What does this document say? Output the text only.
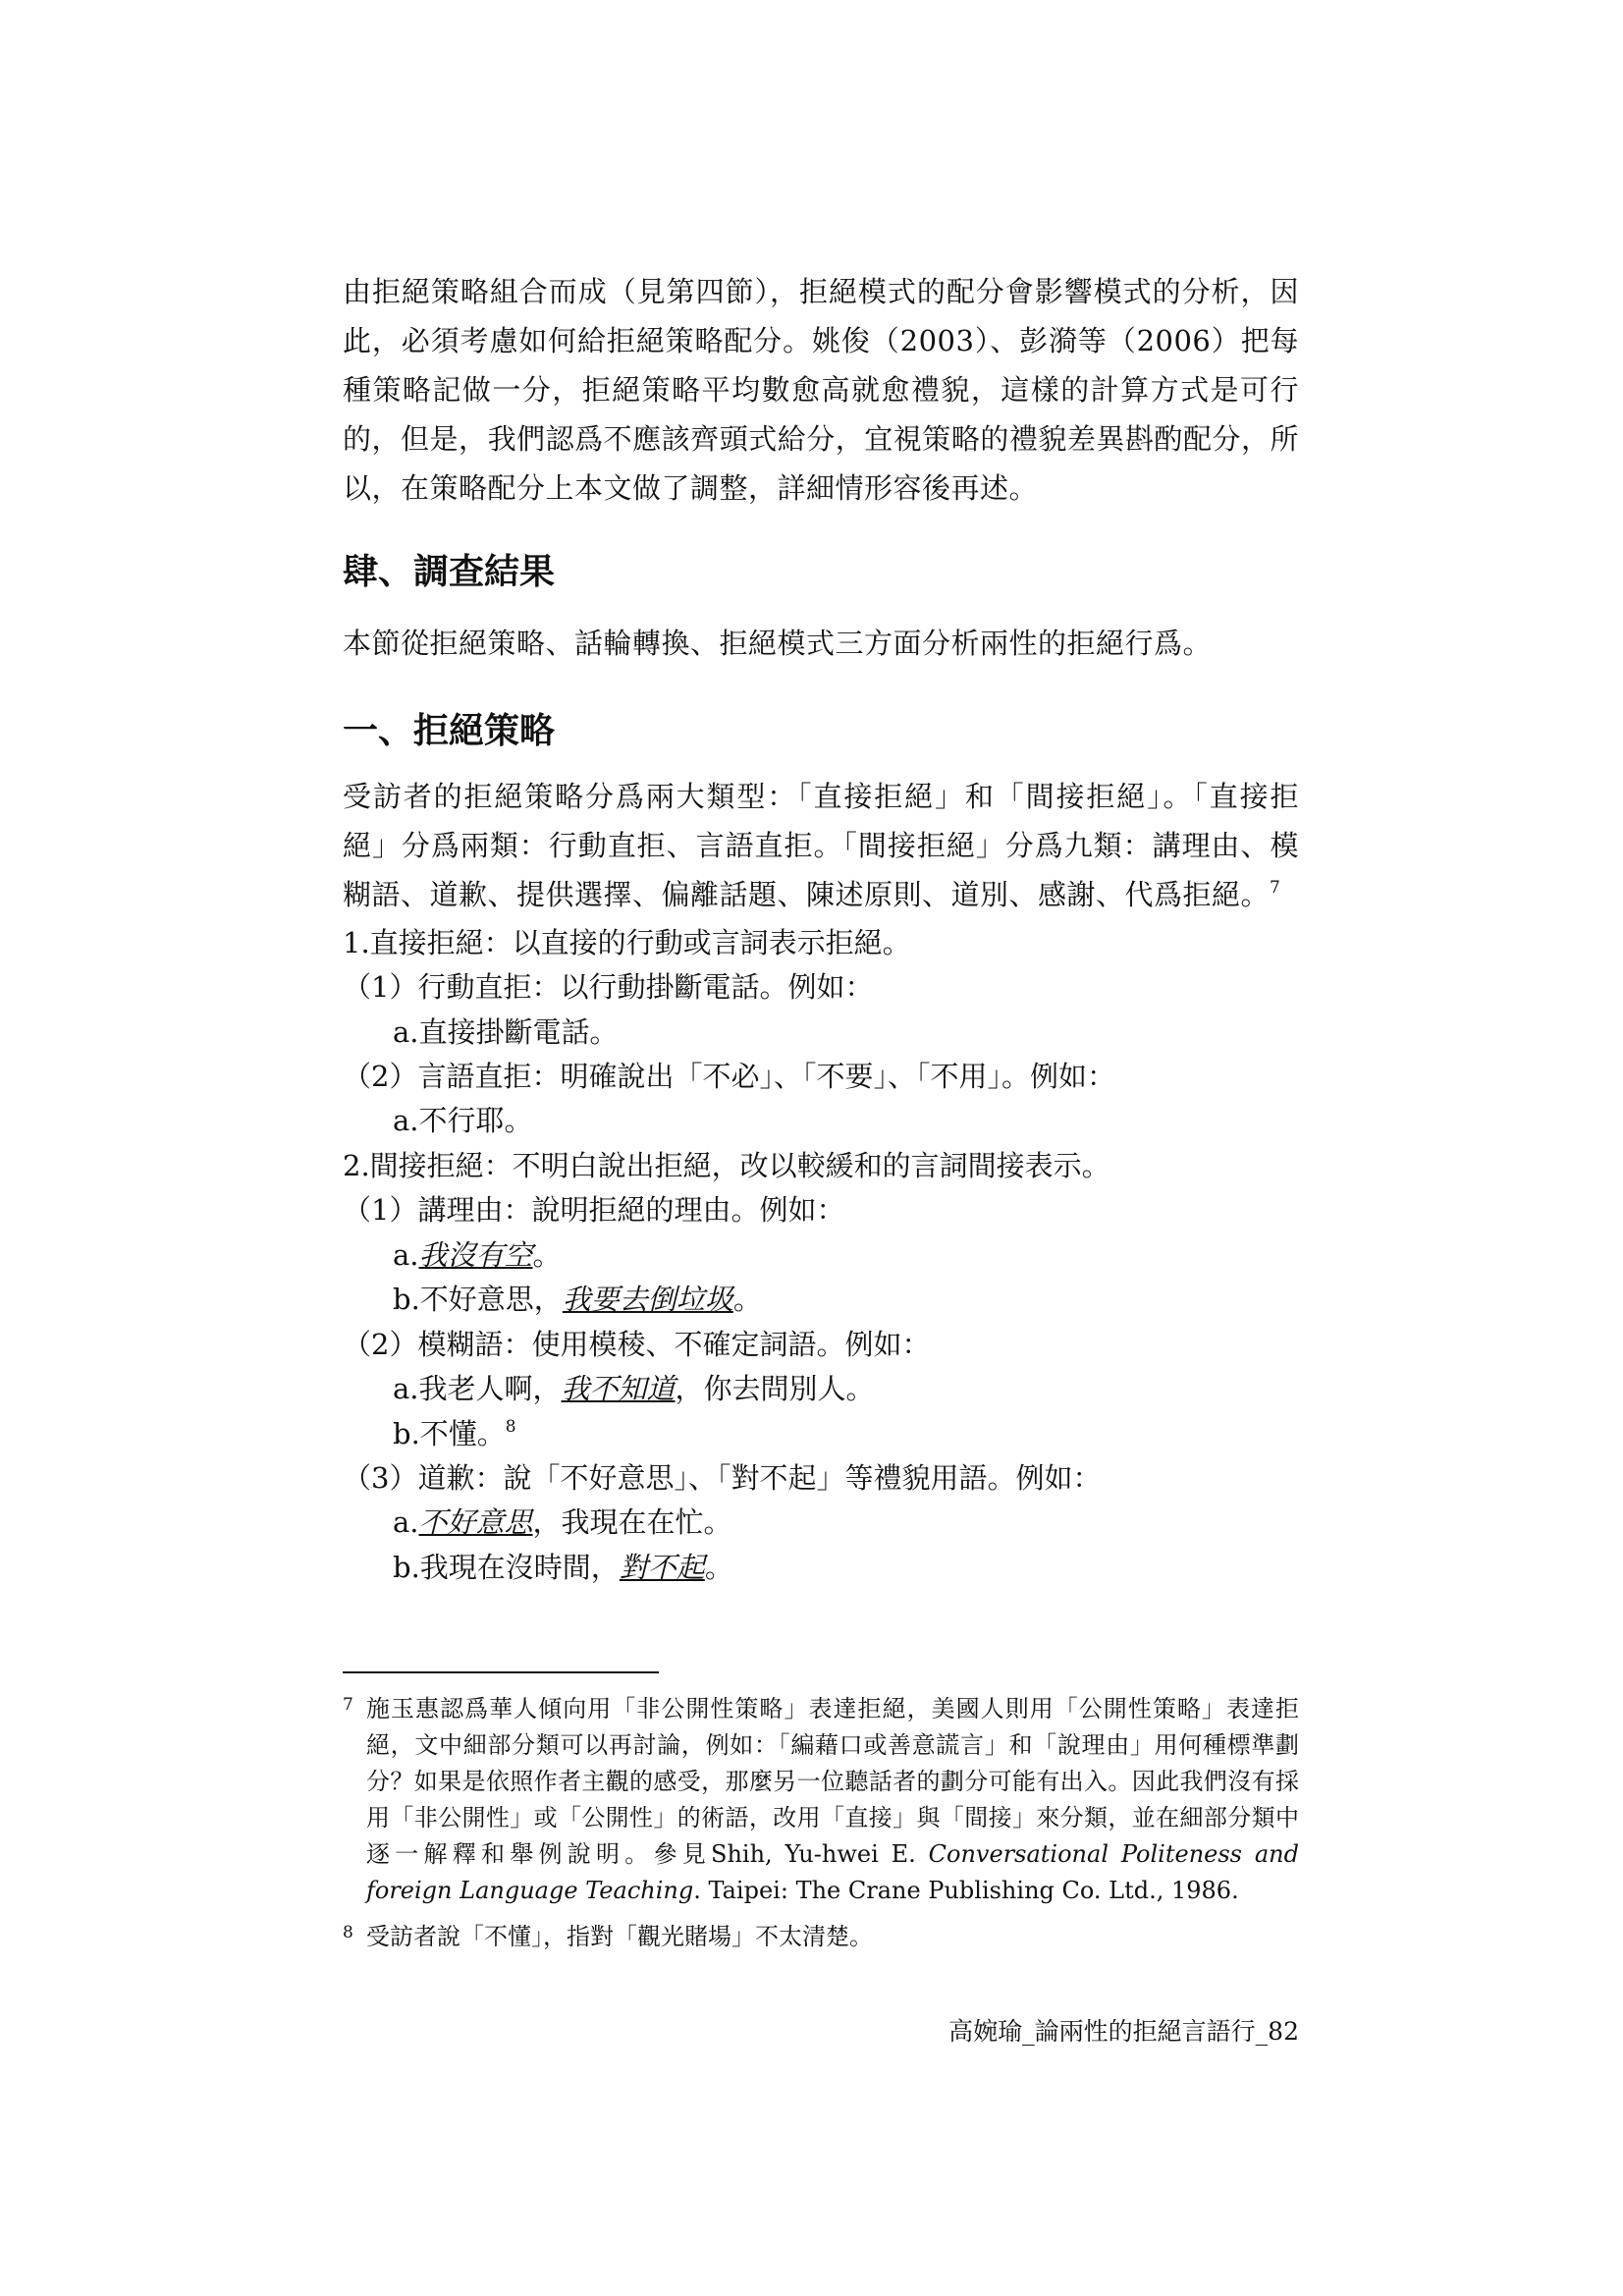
由拒絕策略組合而成（見第四節），拒絕模式的配分會影響模式的分析，因此，必須考慮如何給拒絕策略配分。姚俊（2003）、彭漪等（2006）把每種策略記做一分，拒絕策略平均數愈高就愈禮貌，這樣的計算方式是可行的，但是，我們認爲不應該齊頭式給分，宜視策略的禮貌差異斟酌配分，所以，在策略配分上本文做了調整，詳細情形容後再述。

肆、調查結果

本節從拒絕策略、話輪轉換、拒絕模式三方面分析兩性的拒絕行爲。

一、拒絕策略

受訪者的拒絕策略分爲兩大類型：「直接拒絕」和「間接拒絕」。「直接拒絕」分爲兩類：行動直拒、言語直拒。「間接拒絕」分爲九類：講理由、模糊語、道歉、提供選擇、偏離話題、陳述原則、道別、感謝、代爲拒絕。$^7$

1.直接拒絕：以直接的行動或言詞表示拒絕。
（1）行動直拒：以行動掛斷電話。例如：
a.直接掛斷電話。
（2）言語直拒：明確說出「不必」、「不要」、「不用」。例如：
a.不行耶。
2.間接拒絕：不明白說出拒絕，改以較緩和的言詞間接表示。
（1）講理由：說明拒絕的理由。例如：
a.我沒有空。
b.不好意思，我要去倒垃圾。
（2）模糊語：使用模稜、不確定詞語。例如：
a.我老人啊，我不知道，你去問別人。
b.不懂。$^8$
（3）道歉：說「不好意思」、「對不起」等禮貌用語。例如：
a.不好意思，我現在在忙。
b.我現在沒時間，對不起。
7 施玉惠認爲華人傾向用「非公開性策略」表達拒絕，美國人則用「公開性策略」表達拒絕，文中細部分類可以再討論，例如：「編藉口或善意謊言」和「說理由」用何種標準劃分？如果是依照作者主觀的感受，那麼另一位聽話者的劃分可能有出入。因此我們沒有採用「非公開性」或「公開性」的術語，改用「直接」與「間接」來分類，並在細部分類中逐一解釋和舉例說明。參見Shih, Yu-hwei E. Conversational Politeness and foreign Language Teaching. Taipei: The Crane Publishing Co. Ltd., 1986.
8 受訪者說「不懂」，指對「觀光賭場」不太清楚。
高婉瑜_論兩性的拒絕言語行_82
